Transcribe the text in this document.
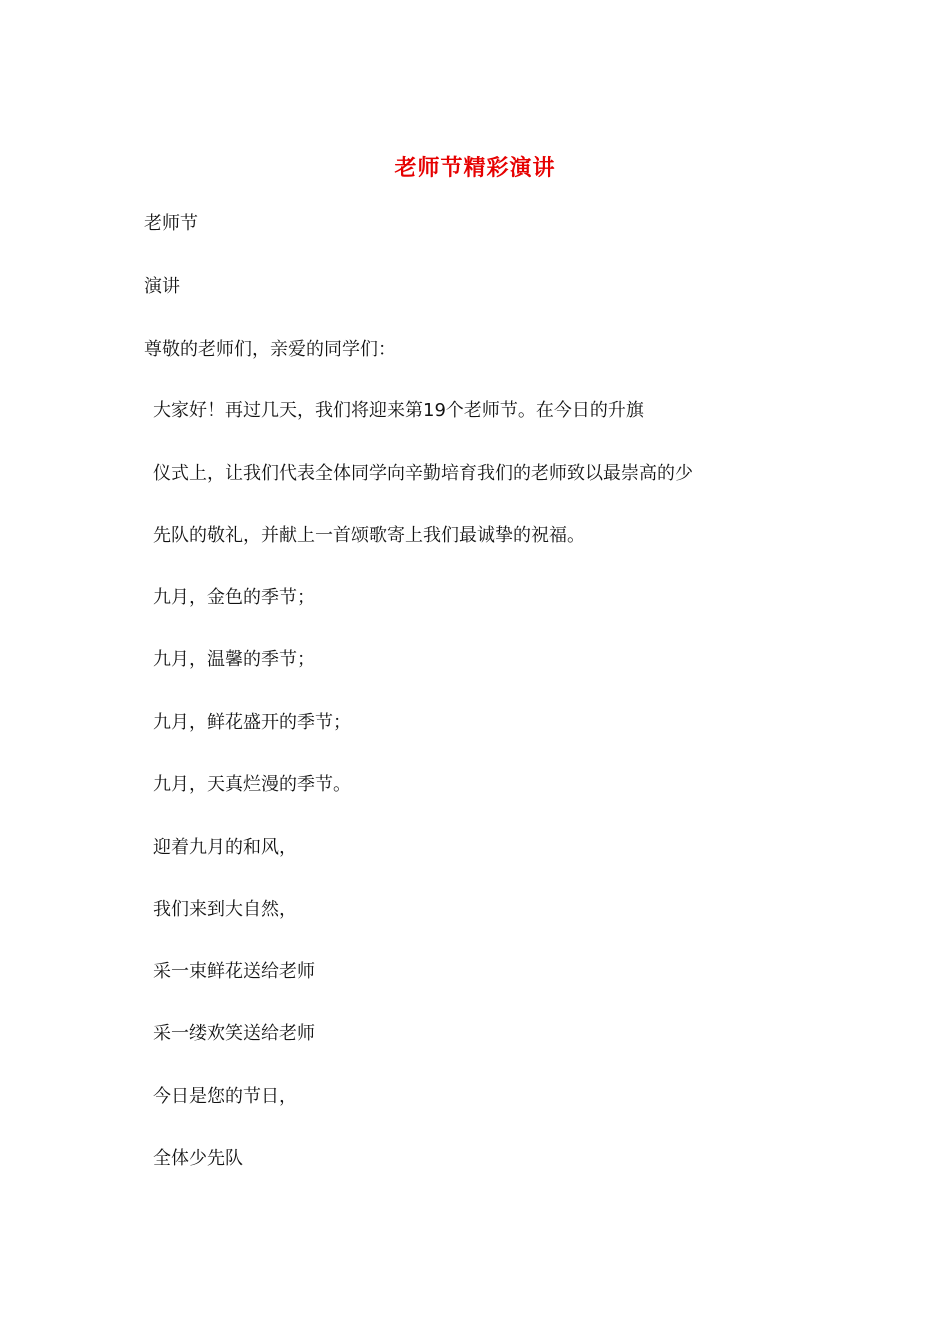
老师节精彩演讲
老师节
演讲
尊敬的老师们，亲爱的同学们：
大家好！再过几天，我们将迎来第19个老师节。在今日的升旗
仪式上，让我们代表全体同学向辛勤培育我们的老师致以最崇高的少
先队的敬礼，并献上一首颂歌寄上我们最诚挚的祝福。
九月，金色的季节；
九月，温馨的季节；
九月，鲜花盛开的季节；
九月，天真烂漫的季节。
迎着九月的和风，
我们来到大自然，
采一束鲜花送给老师
采一缕欢笑送给老师
今日是您的节日，
全体少先队
